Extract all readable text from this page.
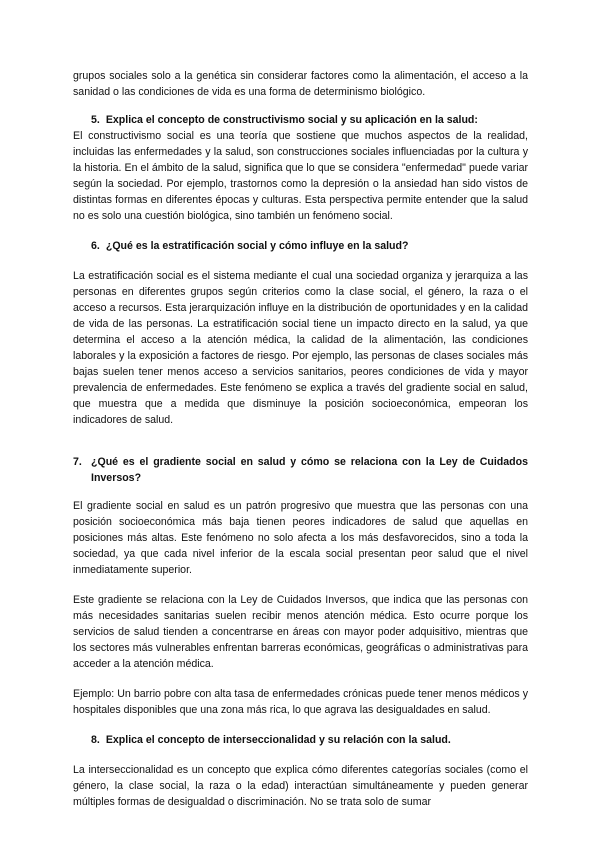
grupos sociales solo a la genética sin considerar factores como la alimentación, el acceso a la sanidad o las condiciones de vida es una forma de determinismo biológico.

5. Explica el concepto de constructivismo social y su aplicación en la salud:

El constructivismo social es una teoría que sostiene que muchos aspectos de la realidad, incluidas las enfermedades y la salud, son construcciones sociales influenciadas por la cultura y la historia. En el ámbito de la salud, significa que lo que se considera "enfermedad" puede variar según la sociedad. Por ejemplo, trastornos como la depresión o la ansiedad han sido vistos de distintas formas en diferentes épocas y culturas. Esta perspectiva permite entender que la salud no es solo una cuestión biológica, sino también un fenómeno social.

6. ¿Qué es la estratificación social y cómo influye en la salud?

La estratificación social es el sistema mediante el cual una sociedad organiza y jerarquiza a las personas en diferentes grupos según criterios como la clase social, el género, la raza o el acceso a recursos. Esta jerarquización influye en la distribución de oportunidades y en la calidad de vida de las personas. La estratificación social tiene un impacto directo en la salud, ya que determina el acceso a la atención médica, la calidad de la alimentación, las condiciones laborales y la exposición a factores de riesgo. Por ejemplo, las personas de clases sociales más bajas suelen tener menos acceso a servicios sanitarios, peores condiciones de vida y mayor prevalencia de enfermedades. Este fenómeno se explica a través del gradiente social en salud, que muestra que a medida que disminuye la posición socioeconómica, empeoran los indicadores de salud.

7. ¿Qué es el gradiente social en salud y cómo se relaciona con la Ley de Cuidados Inversos?

El gradiente social en salud es un patrón progresivo que muestra que las personas con una posición socioeconómica más baja tienen peores indicadores de salud que aquellas en posiciones más altas. Este fenómeno no solo afecta a los más desfavorecidos, sino a toda la sociedad, ya que cada nivel inferior de la escala social presentan peor salud que el nivel inmediatamente superior.

Este gradiente se relaciona con la Ley de Cuidados Inversos, que indica que las personas con más necesidades sanitarias suelen recibir menos atención médica. Esto ocurre porque los servicios de salud tienden a concentrarse en áreas con mayor poder adquisitivo, mientras que los sectores más vulnerables enfrentan barreras económicas, geográficas o administrativas para acceder a la atención médica.

Ejemplo: Un barrio pobre con alta tasa de enfermedades crónicas puede tener menos médicos y hospitales disponibles que una zona más rica, lo que agrava las desigualdades en salud.

8. Explica el concepto de interseccionalidad y su relación con la salud.

La interseccionalidad es un concepto que explica cómo diferentes categorías sociales (como el género, la clase social, la raza o la edad) interactúan simultáneamente y pueden generar múltiples formas de desigualdad o discriminación. No se trata solo de sumar
